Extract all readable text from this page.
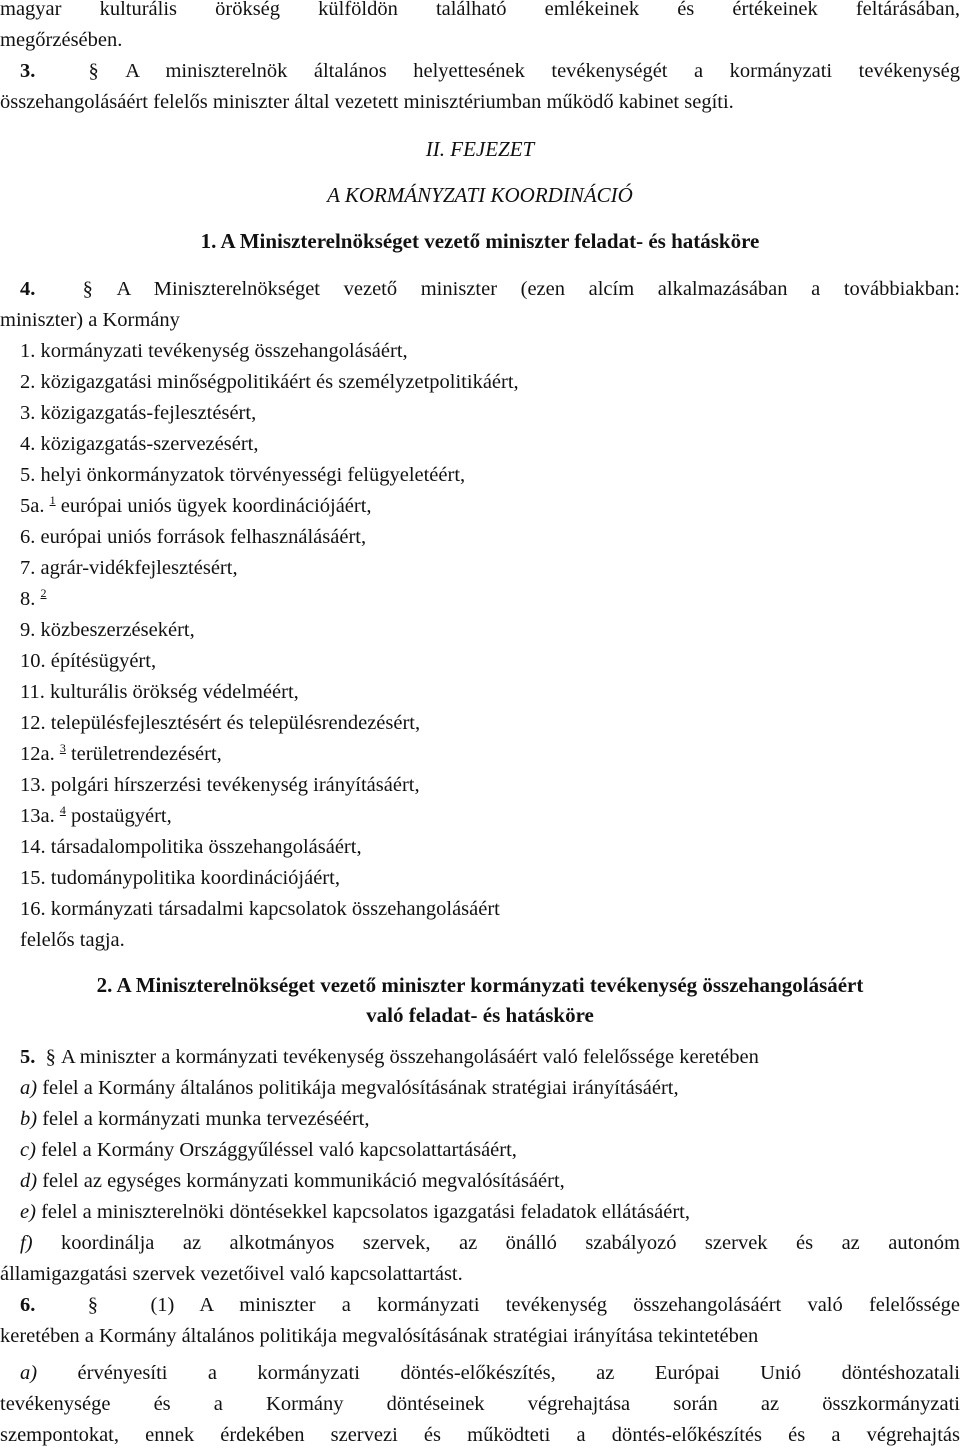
magyar kulturális örökség külföldön található emlékeinek és értékeinek feltárásában,
megőrzésében.
3.	§ A miniszterelnök általános helyettesének tevékenységét a kormányzati tevékenység
összehangolásáért felelős miniszter által vezetett minisztériumban működő kabinet segíti.
II. FEJEZET
A KORMÁNYZATI KOORDINÁCIÓ
1. A Miniszterelnökséget vezető miniszter feladat- és hatásköre
4. § A Miniszterelnökséget vezető miniszter (ezen alcím alkalmazásában a továbbiakban:
miniszter) a Kormány
1. kormányzati tevékenység összehangolásáért,
2. közigazgatási minőségpolitikáért és személyzetpolitikáért,
3. közigazgatás-fejlesztésért,
4. közigazgatás-szervezésért,
5. helyi önkormányzatok törvényességi felügyeletéért,
5a. $^1$ európai uniós ügyek koordinációjáért,
6. európai uniós források felhasználásáért,
7. agrár-vidékfejlesztésért,
8. $^2$
9. közbeszerzésekért,
10. építésügyért,
11. kulturális örökség védelméért,
12. településfejlesztésért és településrendezésért,
12a. $^3$ területrendezésért,
13. polgári hírszerzési tevékenység irányításáért,
13a. $^4$ postaügyért,
14. társadalompolitika összehangolásáért,
15. tudománypolitika koordinációjáért,
16. kormányzati társadalmi kapcsolatok összehangolásáért
felelős tagja.
2. A Miniszterelnökséget vezető miniszter kormányzati tevékenység összehangolásáért
való feladat- és hatásköre
5. § A miniszter a kormányzati tevékenység összehangolásáért való felelőssége keretében
a) felel a Kormány általános politikája megvalósításának stratégiai irányításáért,
b) felel a kormányzati munka tervezéséért,
c) felel a Kormány Országgyűléssel való kapcsolattartásáért,
d) felel az egységes kormányzati kommunikáció megvalósításáért,
e) felel a miniszterelnöki döntésekkel kapcsolatos igazgatási feladatok ellátásáért,
f) koordinálja az alkotmányos szervek, az önálló szabályozó szervek és az autonóm
államigazgatási szervek vezetőivel való kapcsolattartást.
6.	§	(1) A miniszter a kormányzati tevékenység összehangolásáért való felelőssége
keretében a Kormány általános politikája megvalósításának stratégiai irányítása tekintetében
a) érvényesíti a kormányzati döntés-előkészítés, az Európai Unió döntéshozatali
tevékenysége és a Kormány döntéseinek végrehajtása során az összkormányzati
szempontokat, ennek érdekében szervezi és működteti a döntés-előkészítés és a végrehajtás
